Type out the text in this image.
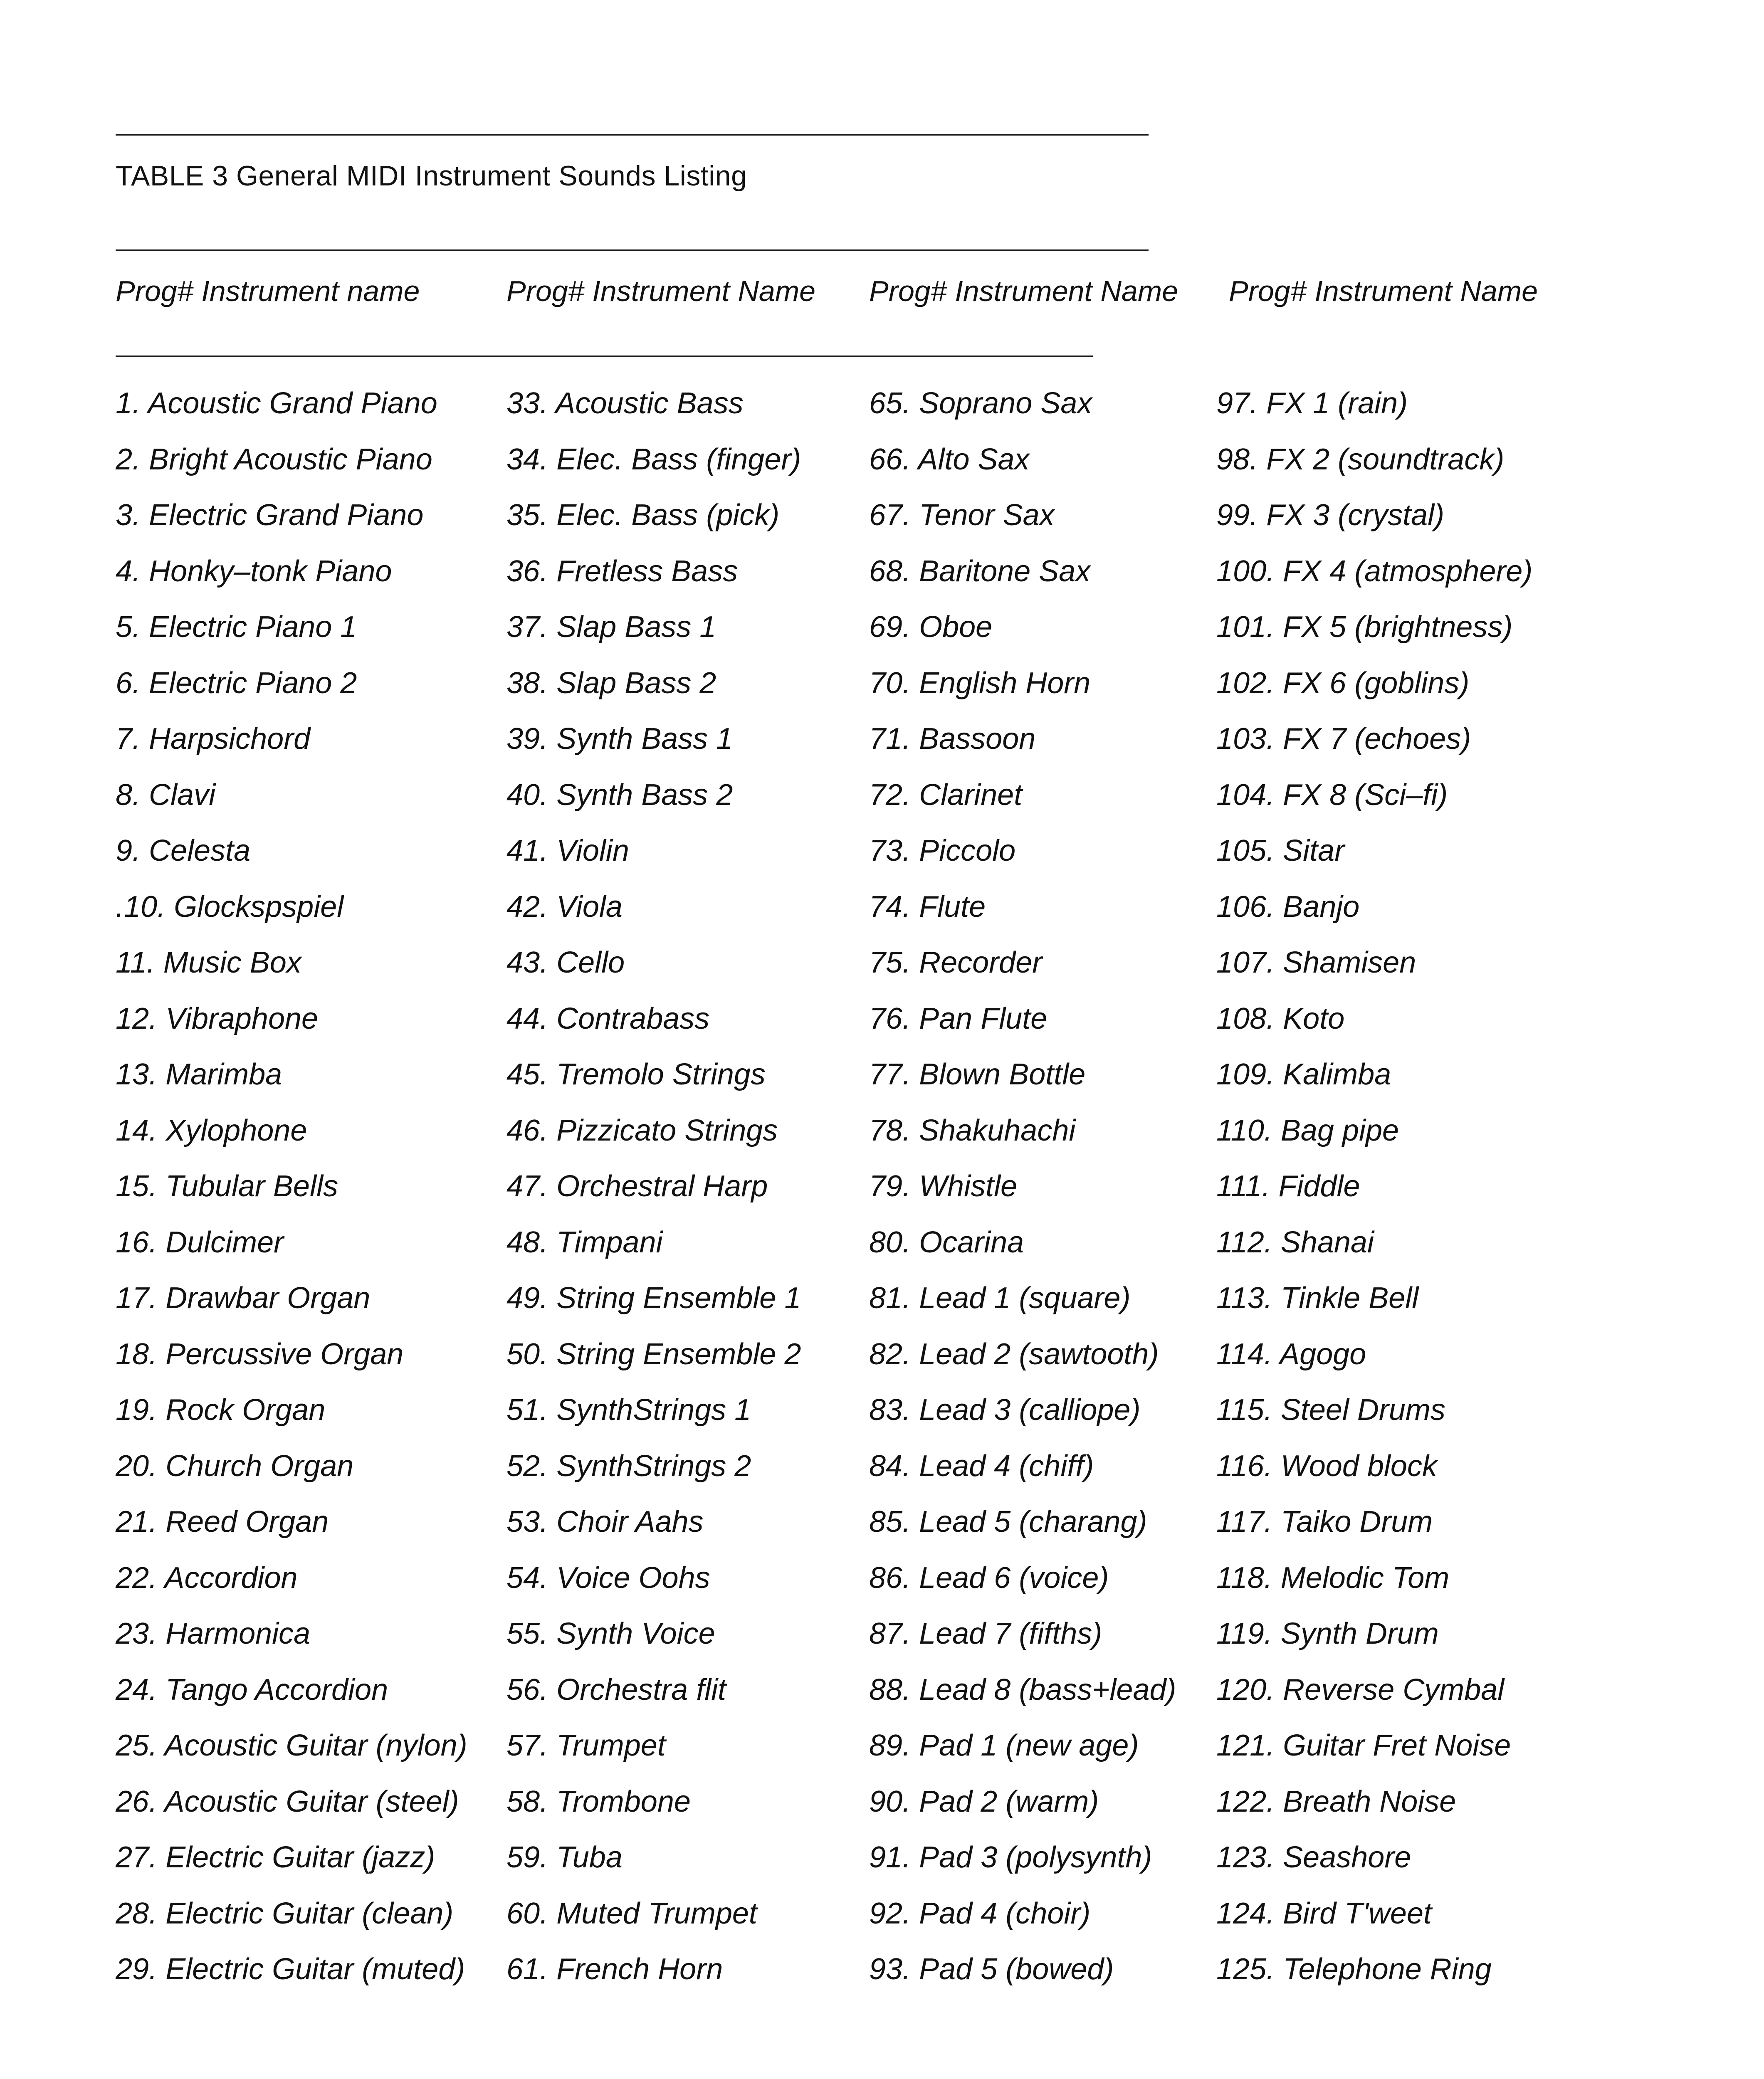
TABLE 3 General MIDI Instrument Sounds Listing
Prog# Instrument name	Prog# Instrument Name Prog# Instrument Name Prog# Instrument Name
1. Acoustic Grand Piano
2. Bright Acoustic Piano
3. Electric Grand Piano
4. Honky–tonk Piano
5. Electric Piano 1
6. Electric Piano 2
7. Harpsichord
8. Clavi
9. Celesta
.10. Glockspspiel
11. Music Box
12. Vibraphone
13. Marimba
14. Xylophone
15. Tubular Bells
16. Dulcimer
17. Drawbar Organ
18. Percussive Organ
19. Rock Organ
20. Church Organ
21. Reed Organ
22. Accordion
23. Harmonica
24. Tango Accordion
25. Acoustic Guitar (nylon)
26. Acoustic Guitar (steel)
27. Electric Guitar (jazz)
28. Electric Guitar (clean)
29. Electric Guitar (muted)
33. Acoustic Bass
34. Elec. Bass (finger)
35. Elec. Bass (pick)
36. Fretless Bass
37. Slap Bass 1
38. Slap Bass 2
39. Synth Bass 1
40. Synth Bass 2
41. Violin
42. Viola
43. Cello
44. Contrabass
45. Tremolo Strings
46. Pizzicato Strings
47. Orchestral Harp
48. Timpani
49. String Ensemble 1
50. String Ensemble 2
51. SynthStrings 1
52. SynthStrings 2
53. Choir Aahs
54. Voice Oohs
55. Synth Voice
56. Orchestra flit
57. Trumpet
58. Trombone
59. Tuba
60. Muted Trumpet
61. French Horn
65. Soprano Sax
66. Alto Sax
67. Tenor Sax
68. Baritone Sax
69. Oboe
70. English Horn
71. Bassoon
72. Clarinet
73. Piccolo
74. Flute
75. Recorder
76. Pan Flute
77. Blown Bottle
78. Shakuhachi
79. Whistle
80. Ocarina
81. Lead 1 (square)
82. Lead 2 (sawtooth)
83. Lead 3 (calliope)
84. Lead 4 (chiff)
85. Lead 5 (charang)
86. Lead 6 (voice)
87. Lead 7 (fifths)
88. Lead 8 (bass+lead)
89. Pad 1 (new age)
90. Pad 2 (warm)
91. Pad 3 (polysynth)
92. Pad 4 (choir)
93. Pad 5 (bowed)
97. FX 1 (rain)
98. FX 2 (soundtrack)
99. FX 3 (crystal)
100. FX 4 (atmosphere)
101. FX 5 (brightness)
102. FX 6 (goblins)
103. FX 7 (echoes)
104. FX 8 (Sci–fi)
105. Sitar
106. Banjo
107. Shamisen
108. Koto
109. Kalimba
110. Bag pipe
111. Fiddle
112. Shanai
113. Tinkle Bell
114. Agogo
115. Steel Drums
116. Wood block
117. Taiko Drum
118. Melodic Tom
119. Synth Drum
120. Reverse Cymbal
121. Guitar Fret Noise
122. Breath Noise
123. Seashore
124. Bird T'weet
125. Telephone Ring
